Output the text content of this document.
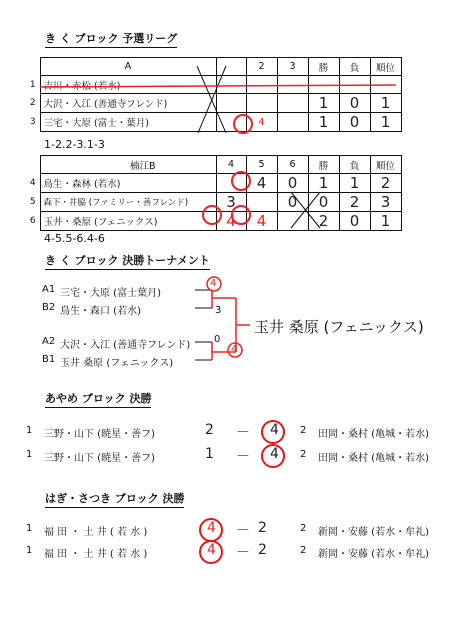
き く ブロック 予選リーグ
	A		2	3	勝	負	順位
1	吉川・赤松 (若水)						
2	大沢・入江 (善通寺フレンド)				1	0	1
3	三宅・大原 (富士・葉月)		4		1	0	1
1-2.2-3.1-3
	楠江B	4	5	6	勝	負	順位
4	鳥生・森林 (若水)		4	0	1	1	2
5	森下・井脇 (ファミリー・善フレンド)	3		0	0	2	3
6	玉井・桑原 (フェニックス)	4	4		2	0	1
4-5.5-6.4-6
き く ブロック 決勝トーナメント
A1 三宅・大原 (富士葉月)
B2 鳥生・森口 (若水)
A2 大沢・入江 (善通寺フレンド)
B1 玉井 桑原 (フェニックス)
4
3
0
4
玉井 桑原 (フェニックス)
あやめ ブロック 決勝
1 三野・山下 (暁星・善フ)	2 － 4 2 田岡・桑村 (亀城・若水)
1 三野・山下 (暁星・善フ)	1 － 4 2 田岡・桑村 (亀城・若水)
はぎ・さつき ブロック 決勝
1 福 田 ・ 土 井 ( 若 水 )	4 － 2	2 新岡・安藤 (若水・牟礼)
1 福 田 ・ 土 井 ( 若 水 )	4 － 2	2 新岡・安藤 (若水・牟礼)
